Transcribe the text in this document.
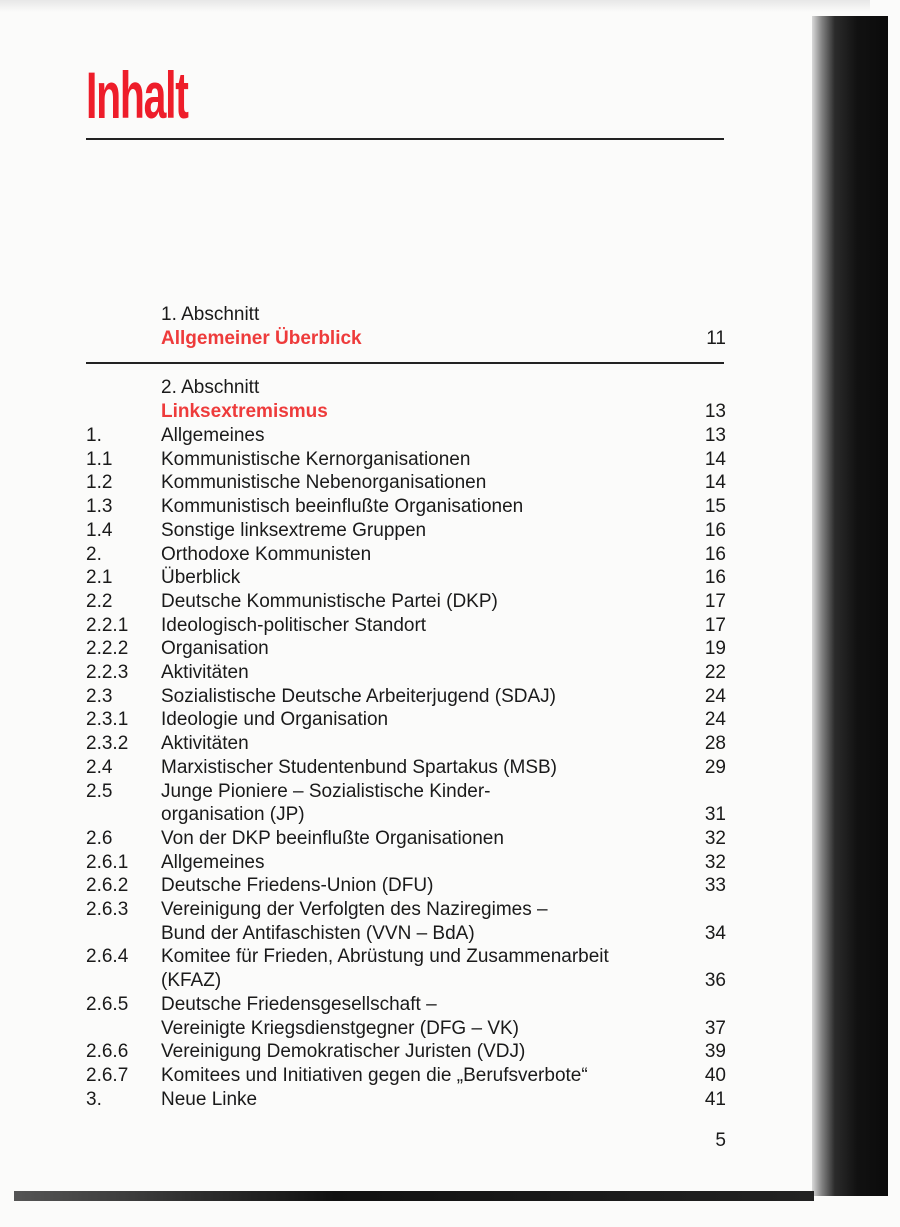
Inhalt
1. Abschnitt
Allgemeiner Überblick	11
2. Abschnitt
Linksextremismus	13
1.	Allgemeines	13
1.1	Kommunistische Kernorganisationen	14
1.2	Kommunistische Nebenorganisationen	14
1.3	Kommunistisch beeinflußte Organisationen	15
1.4	Sonstige linksextreme Gruppen	16
2.	Orthodoxe Kommunisten	16
2.1	Überblick	16
2.2	Deutsche Kommunistische Partei (DKP)	17
2.2.1 Ideologisch-politischer Standort	17
2.2.2 Organisation	19
2.2.3 Aktivitäten	22
2.3	Sozialistische Deutsche Arbeiterjugend (SDAJ)	24
2.3.1 Ideologie und Organisation	24
2.3.2 Aktivitäten	28
2.4	Marxistischer Studentenbund Spartakus (MSB)	29
2.5	Junge Pioniere – Sozialistische Kinder-
organisation (JP)	31
2.6	Von der DKP beeinflußte Organisationen	32
2.6.1 Allgemeines	32
2.6.2 Deutsche Friedens-Union (DFU)	33
2.6.3 Vereinigung der Verfolgten des Naziregimes –
Bund der Antifaschisten (VVN – BdA)	34
2.6.4 Komitee für Frieden, Abrüstung und Zusammenarbeit
(KFAZ)	36
2.6.5 Deutsche Friedensgesellschaft –
Vereinigte Kriegsdienstgegner (DFG – VK)	37
2.6.6 Vereinigung Demokratischer Juristen (VDJ)	39
2.6.7 Komitees und Initiativen gegen die „Berufsverbote“	40
3.	Neue Linke	41
5
